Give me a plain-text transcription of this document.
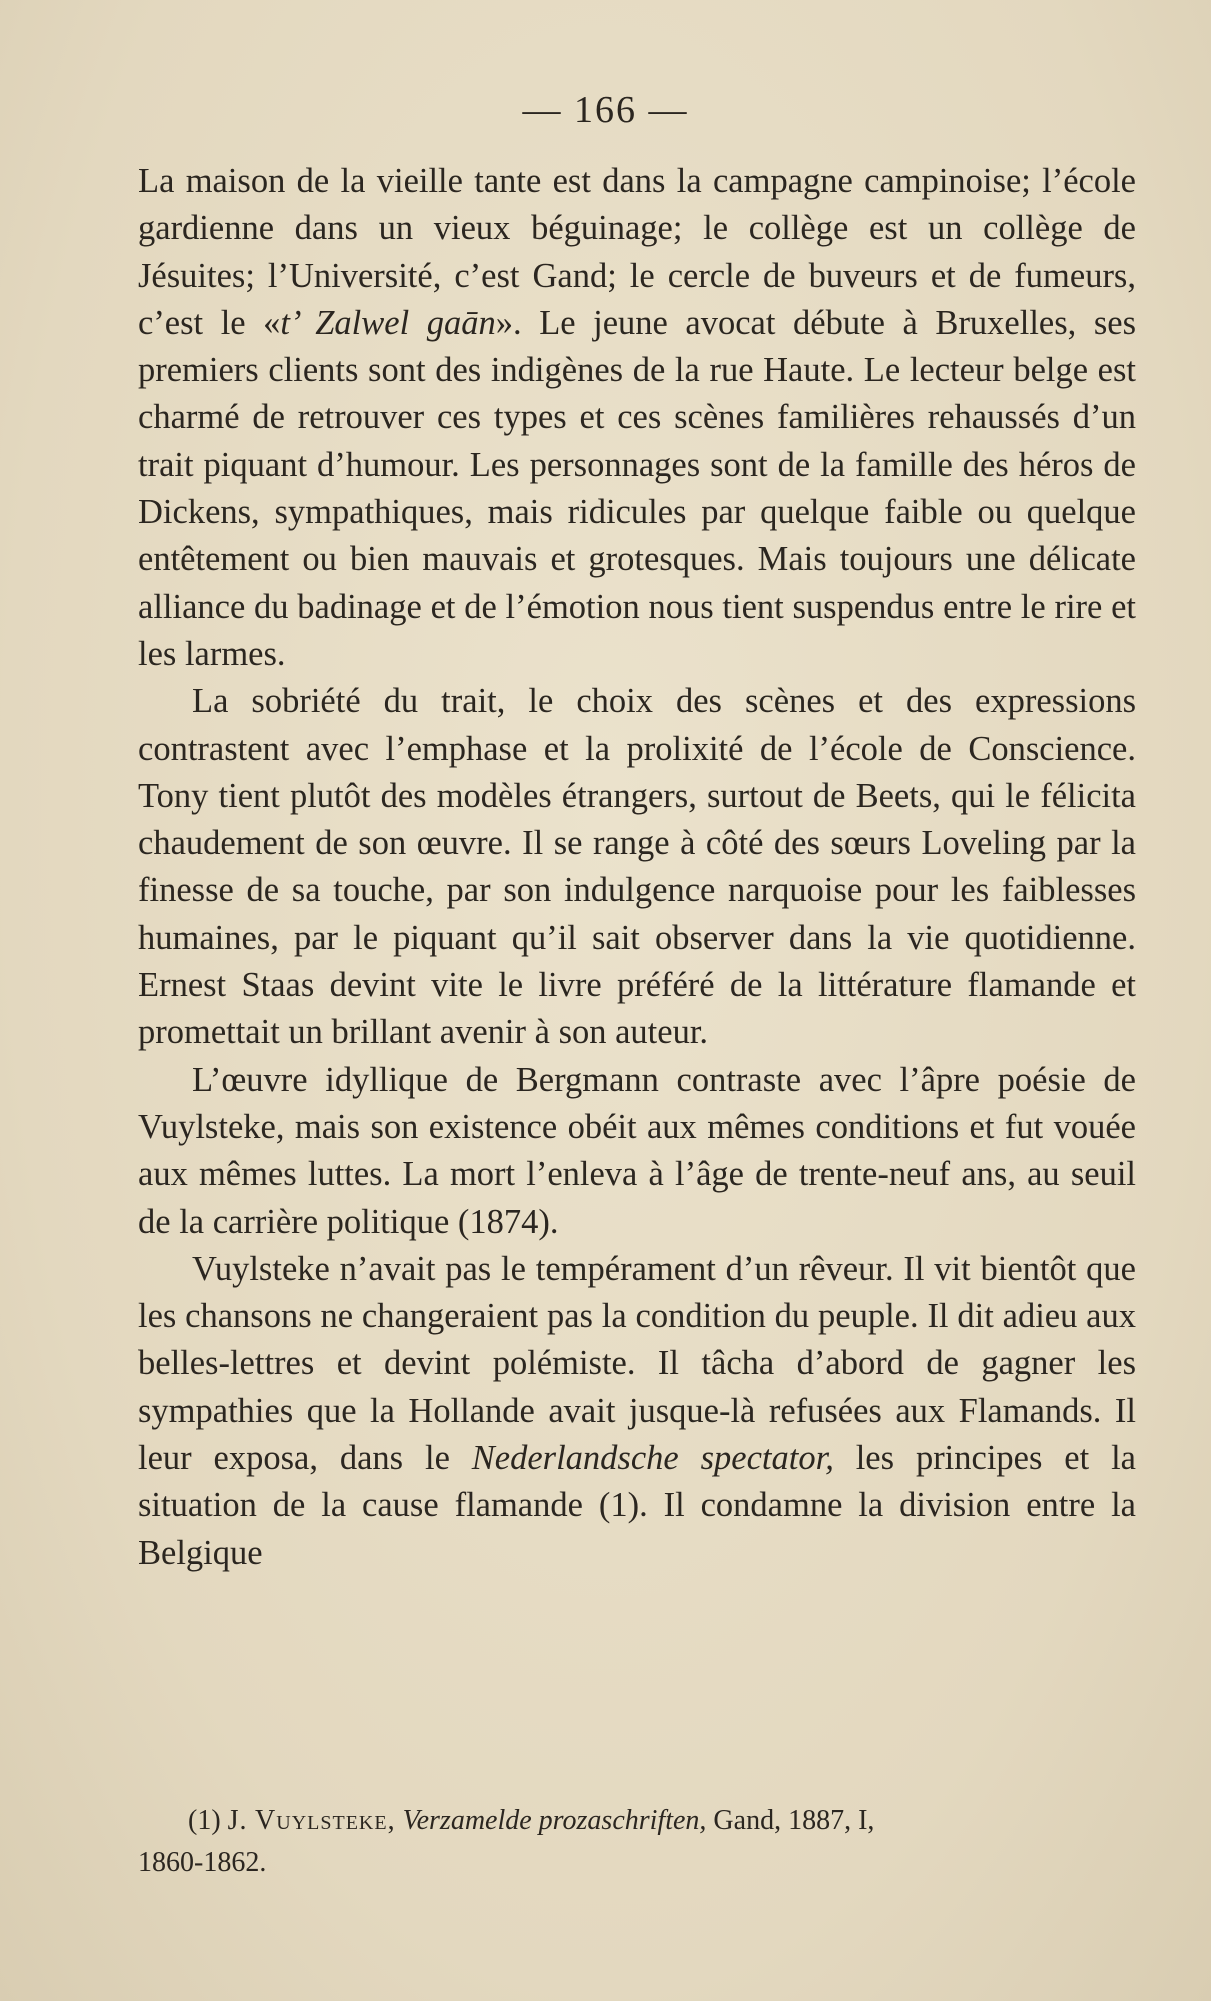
— 166 —

La maison de la vieille tante est dans la campagne campinoise; l’école gardienne dans un vieux béguinage; le collège est un collège de Jésuites; l’Université, c’est Gand; le cercle de buveurs et de fumeurs, c’est le «t’ Zalwel gaān». Le jeune avocat débute à Bruxelles, ses premiers clients sont des indigènes de la rue Haute. Le lecteur belge est charmé de retrouver ces types et ces scènes familières rehaussés d’un trait piquant d’humour. Les personnages sont de la famille des héros de Dickens, sympathiques, mais ridicules par quelque faible ou quelque entêtement ou bien mauvais et grotesques. Mais toujours une délicate alliance du badinage et de l’émotion nous tient suspendus entre le rire et les larmes.

La sobriété du trait, le choix des scènes et des expressions contrastent avec l’emphase et la prolixité de l’école de Conscience. Tony tient plutôt des modèles étrangers, surtout de Beets, qui le félicita chaudement de son œuvre. Il se range à côté des sœurs Loveling par la finesse de sa touche, par son indulgence narquoise pour les faiblesses humaines, par le piquant qu’il sait observer dans la vie quotidienne. Ernest Staas devint vite le livre préféré de la littérature flamande et promettait un brillant avenir à son auteur.

L’œuvre idyllique de Bergmann contraste avec l’âpre poésie de Vuylsteke, mais son existence obéit aux mêmes conditions et fut vouée aux mêmes luttes. La mort l’enleva à l’âge de trente-neuf ans, au seuil de la carrière politique (1874).

Vuylsteke n’avait pas le tempérament d’un rêveur. Il vit bientôt que les chansons ne changeraient pas la condition du peuple. Il dit adieu aux belles-lettres et devint polémiste. Il tâcha d’abord de gagner les sympathies que la Hollande avait jusque-là refusées aux Flamands. Il leur exposa, dans le Nederlandsche spectator, les principes et la situation de la cause flamande (1). Il condamne la division entre la Belgique

(1) J. Vuylsteke, Verzamelde prozaschriften, Gand, 1887, I,
1860-1862.
